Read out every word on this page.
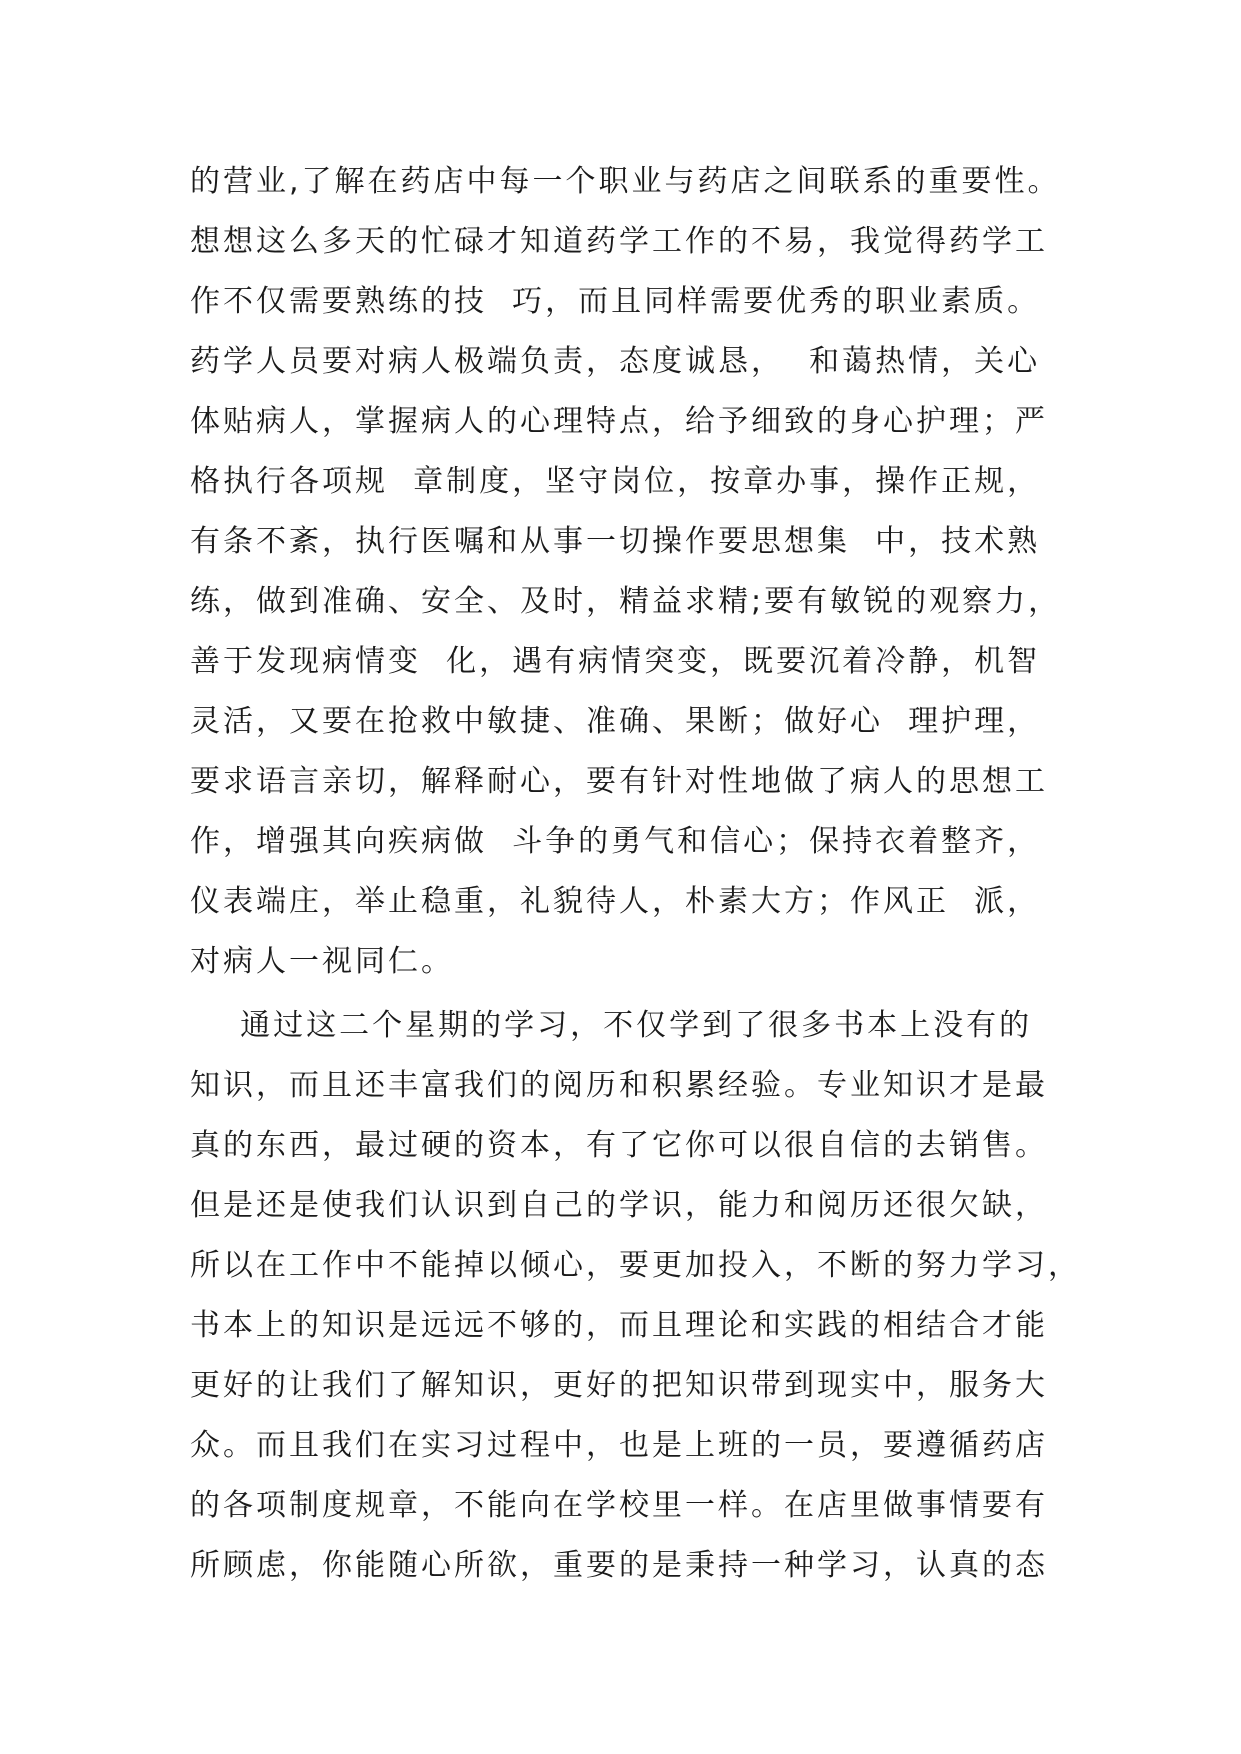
的营业,了解在药店中每一个职业与药店之间联系的重要性。
想想这么多天的忙碌才知道药学工作的不易，我觉得药学工
作不仅需要熟练的技  巧，而且同样需要优秀的职业素质。
药学人员要对病人极端负责，态度诚恳，  和蔼热情，关心
体贴病人，掌握病人的心理特点，给予细致的身心护理；严
格执行各项规  章制度，坚守岗位，按章办事，操作正规，
有条不紊，执行医嘱和从事一切操作要思想集  中，技术熟
练，做到准确、安全、及时，精益求精;要有敏锐的观察力，
善于发现病情变  化，遇有病情突变，既要沉着冷静，机智
灵活，又要在抢救中敏捷、准确、果断；做好心  理护理，
要求语言亲切，解释耐心，要有针对性地做了病人的思想工
作，增强其向疾病做  斗争的勇气和信心；保持衣着整齐，
仪表端庄，举止稳重，礼貌待人，朴素大方；作风正  派，
对病人一视同仁。
通过这二个星期的学习，不仅学到了很多书本上没有的
知识，而且还丰富我们的阅历和积累经验。专业知识才是最
真的东西，最过硬的资本，有了它你可以很自信的去销售。
但是还是使我们认识到自己的学识，能力和阅历还很欠缺，
所以在工作中不能掉以倾心，要更加投入，不断的努力学习，
书本上的知识是远远不够的，而且理论和实践的相结合才能
更好的让我们了解知识，更好的把知识带到现实中，服务大
众。而且我们在实习过程中，也是上班的一员，要遵循药店
的各项制度规章，不能向在学校里一样。在店里做事情要有
所顾虑，你能随心所欲，重要的是秉持一种学习，认真的态
